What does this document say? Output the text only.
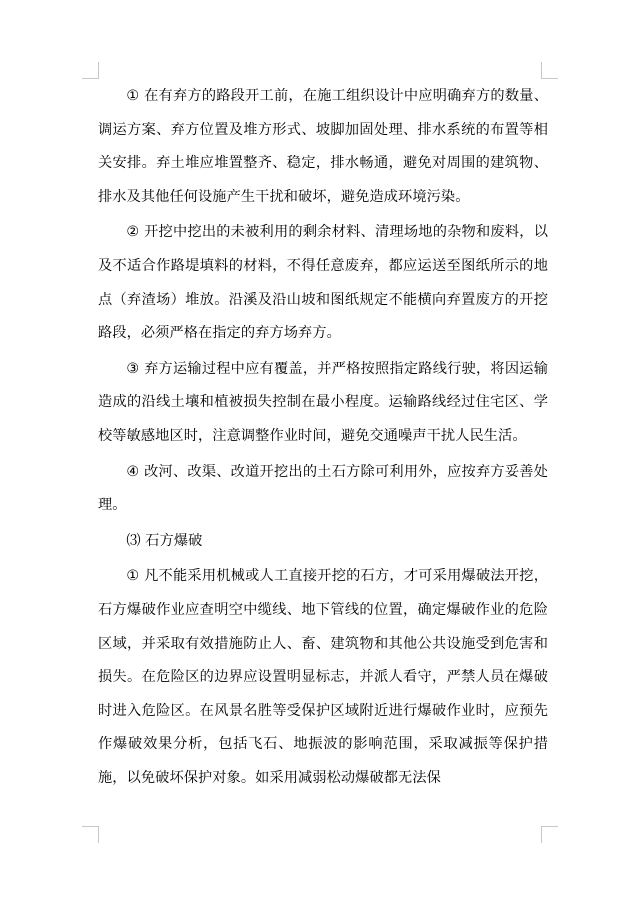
① 在有弃方的路段开工前，在施工组织设计中应明确弃方的数量、调运方案、弃方位置及堆方形式、坡脚加固处理、排水系统的布置等相关安排。弃土堆应堆置整齐、稳定，排水畅通，避免对周围的建筑物、排水及其他任何设施产生干扰和破坏，避免造成环境污染。

② 开挖中挖出的未被利用的剩余材料、清理场地的杂物和废料，以及不适合作路堤填料的材料，不得任意废弃，都应运送至图纸所示的地点（弃渣场）堆放。沿溪及沿山坡和图纸规定不能横向弃置废方的开挖路段，必须严格在指定的弃方场弃方。

③ 弃方运输过程中应有覆盖，并严格按照指定路线行驶，将因运输造成的沿线土壤和植被损失控制在最小程度。运输路线经过住宅区、学校等敏感地区时，注意调整作业时间，避免交通噪声干扰人民生活。

④ 改河、改渠、改道开挖出的土石方除可利用外，应按弃方妥善处理。

⑶ 石方爆破

① 凡不能采用机械或人工直接开挖的石方，才可采用爆破法开挖，石方爆破作业应查明空中缆线、地下管线的位置，确定爆破作业的危险区域，并采取有效措施防止人、畜、建筑物和其他公共设施受到危害和损失。在危险区的边界应设置明显标志，并派人看守，严禁人员在爆破时进入危险区。在风景名胜等受保护区域附近进行爆破作业时，应预先作爆破效果分析，包括飞石、地振波的影响范围，采取减振等保护措施，以免破坏保护对象。如采用减弱松动爆破都无法保
